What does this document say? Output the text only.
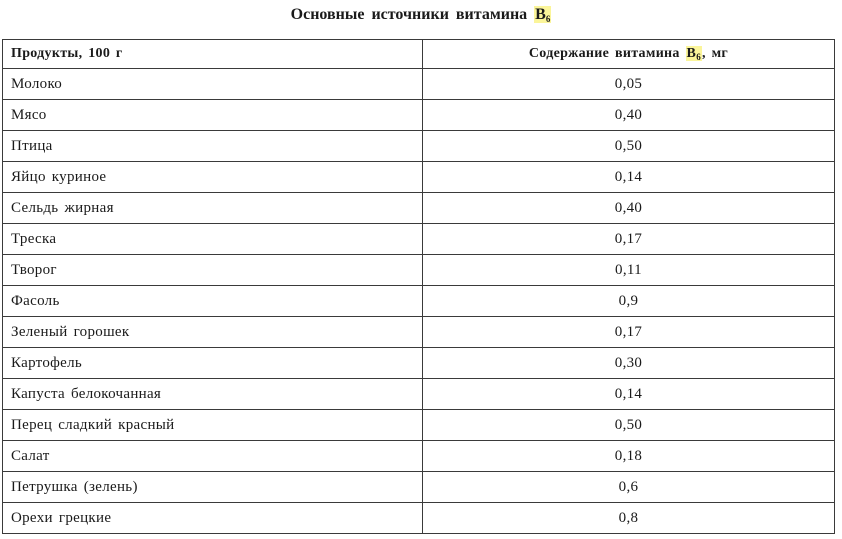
Основные источники витамина $B_6$
Продукты, 100 г	Содержание витамина $B_6$, мг
Молоко	0,05
Мясо	0,40
Птица	0,50
Яйцо куриное	0,14
Сельдь жирная	0,40
Треска	0,17
Творог	0,11
Фасоль	0,9
Зеленый горошек	0,17
Картофель	0,30
Капуста белокочанная	0,14
Перец сладкий красный	0,50
Салат	0,18
Петрушка (зелень)	0,6
Орехи грецкие	0,8
